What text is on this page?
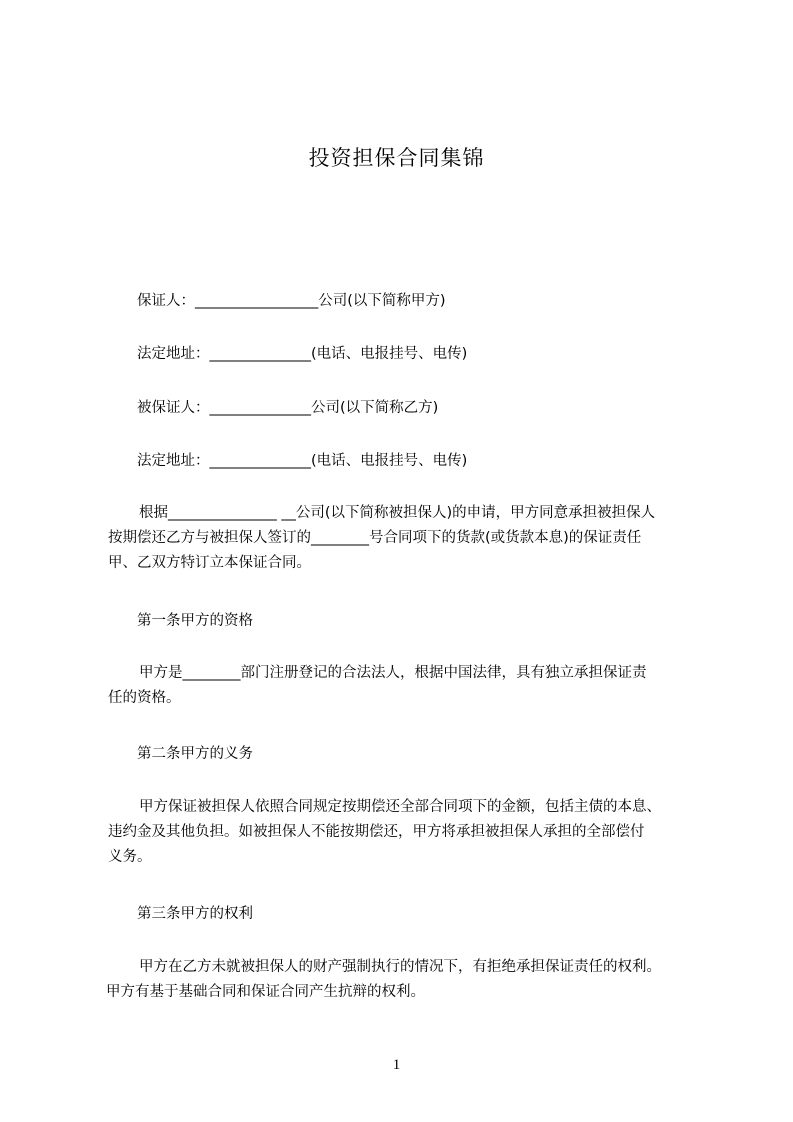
投资担保合同集锦
保证人：_________________公司(以下简称甲方)
法定地址：______________(电话、电报挂号、电传)
被保证人：______________公司(以下简称乙方)
法定地址：______________(电话、电报挂号、电传)
根据_______________ __公司(以下简称被担保人)的申请，甲方同意承担被担保人
按期偿还乙方与被担保人签订的________号合同项下的货款(或货款本息)的保证责任
甲、乙双方特订立本保证合同。
第一条甲方的资格
甲方是________部门注册登记的合法法人，根据中国法律，具有独立承担保证责
任的资格。
第二条甲方的义务
甲方保证被担保人依照合同规定按期偿还全部合同项下的金额，包括主债的本息、
违约金及其他负担。如被担保人不能按期偿还，甲方将承担被担保人承担的全部偿付
义务。
第三条甲方的权利
甲方在乙方未就被担保人的财产强制执行的情况下，有拒绝承担保证责任的权利。
甲方有基于基础合同和保证合同产生抗辩的权利。
1
